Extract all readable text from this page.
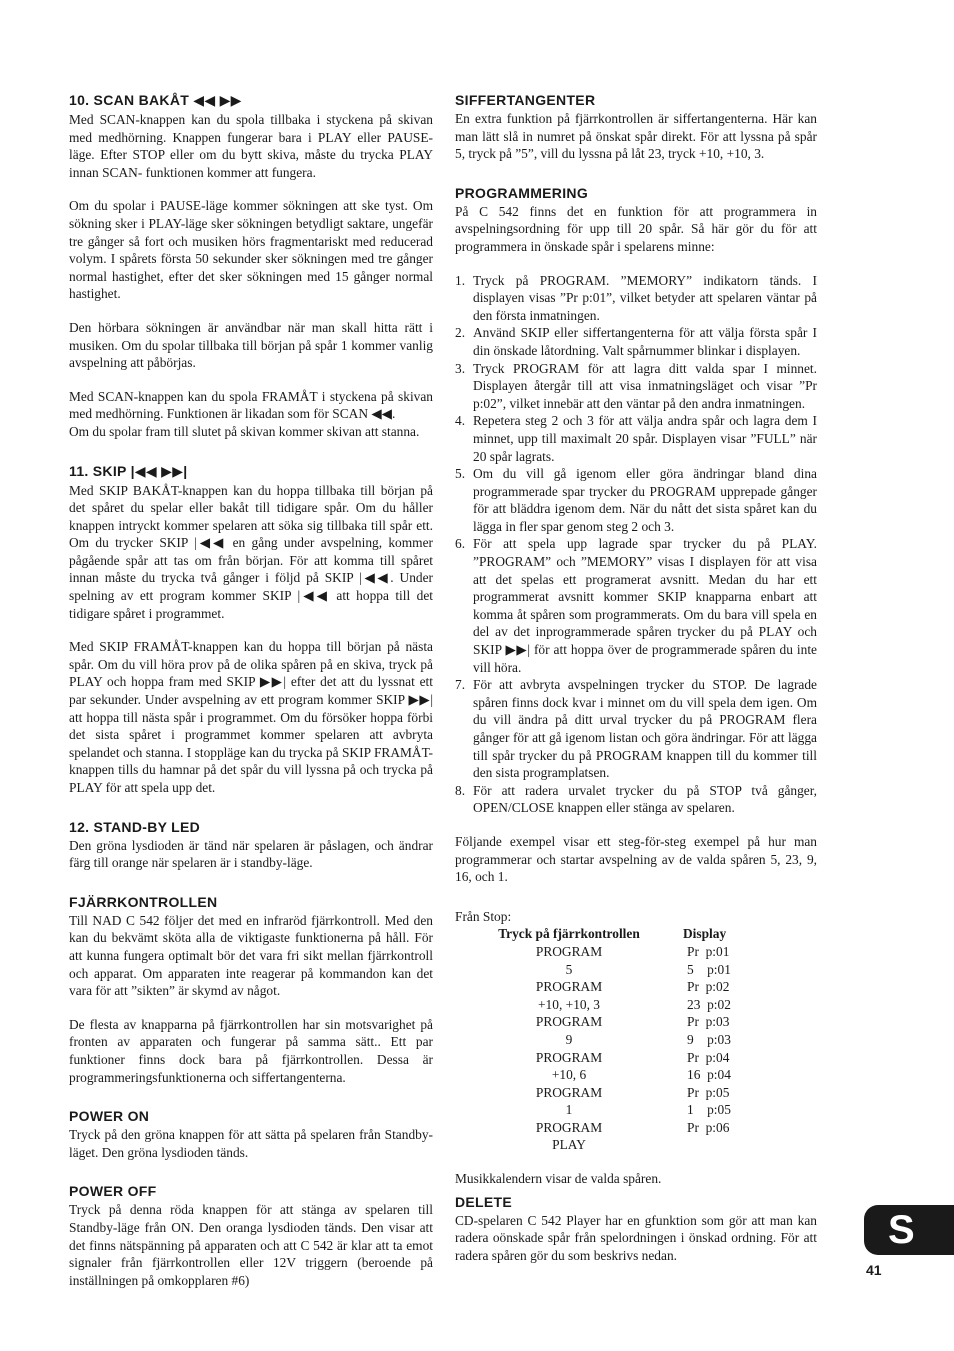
10. SCAN BAKÅT ◀◀ ▶▶

Med SCAN-knappen kan du spola tillbaka i styckena på skivan med medhörning. Knappen fungerar bara i PLAY eller PAUSE-läge. Efter STOP eller om du bytt skiva, måste du trycka PLAY innan SCAN- funktionen kommer att fungera.

Om du spolar i PAUSE-läge kommer sökningen att ske tyst. Om sökning sker i PLAY-läge sker sökningen betydligt saktare, ungefär tre gånger så fort och musiken hörs fragmentariskt med reducerad volym. I spårets första 50 sekunder sker sökningen med tre gånger normal hastighet, efter det sker sökningen med 15 gånger normal hastighet.

Den hörbara sökningen är användbar när man skall hitta rätt i musiken. Om du spolar tillbaka till början på spår 1 kommer vanlig avspelning att påbörjas.

Med SCAN-knappen kan du spola FRAMÅT i styckena på skivan med medhörning. Funktionen är likadan som för SCAN ◀◀.

Om du spolar fram till slutet på skivan kommer skivan att stanna.

11. SKIP |◀◀ ▶▶|

Med SKIP BAKÅT-knappen kan du hoppa tillbaka till början på det spåret du spelar eller bakåt till tidigare spår. Om du håller knappen intryckt kommer spelaren att söka sig tillbaka till spår ett. Om du trycker SKIP |◀◀ en gång under avspelning, kommer pågående spår att tas om från början. För att komma till spåret innan måste du trycka två gånger i följd på SKIP |◀◀. Under spelning av ett program kommer SKIP |◀◀ att hoppa till det tidigare spåret i programmet.

Med SKIP FRAMÅT-knappen kan du hoppa till början på nästa spår. Om du vill höra prov på de olika spåren på en skiva, tryck på PLAY och hoppa fram med SKIP ▶▶| efter det att du lyssnat ett par sekunder. Under avspelning av ett program kommer SKIP ▶▶| att hoppa till nästa spår i programmet. Om du försöker hoppa förbi det sista spåret i programmet kommer spelaren att avbryta spelandet och stanna. I stoppläge kan du trycka på SKIP FRAMÅT-knappen tills du hamnar på det spår du vill lyssna på och trycka på PLAY för att spela upp det.

12. STAND-BY LED

Den gröna lysdioden är tänd när spelaren är påslagen, och ändrar färg till orange när spelaren är i standby-läge.

FJÄRRKONTROLLEN

Till NAD C 542 följer det med en infraröd fjärrkontroll. Med den kan du bekvämt sköta alla de viktigaste funktionerna på håll. För att kunna fungera optimalt bör det vara fri sikt mellan fjärrkontroll och apparat. Om apparaten inte reagerar på kommandon kan det vara för att ”sikten” är skymd av något.

De flesta av knapparna på fjärrkontrollen har sin motsvarighet på fronten av apparaten och fungerar på samma sätt.. Ett par funktioner finns dock bara på fjärrkontrollen. Dessa är programmeringsfunktionerna och siffertangenterna.

POWER ON

Tryck på den gröna knappen för att sätta på spelaren från Standby-läget. Den gröna lysdioden tänds.

POWER OFF

Tryck på denna röda knappen för att stänga av spelaren till Standby-läge från ON. Den oranga lysdioden tänds. Den visar att det finns nätspänning på apparaten och att C 542 är klar att ta emot signaler från fjärrkontrollen eller 12V triggern (beroende på inställningen på omkopplaren #6)

SIFFERTANGENTER

En extra funktion på fjärrkontrollen är siffertangenterna. Här kan man lätt slå in numret på önskat spår direkt. För att lyssna på spår 5, tryck på ”5”, vill du lyssna på låt 23, tryck +10, +10, 3.

PROGRAMMERING

På C 542 finns det en funktion för att programmera in avspelningsordning för upp till 20 spår. Så här gör du för att programmera in önskade spår i spelarens minne:

1. Tryck på PROGRAM. ”MEMORY” indikatorn tänds. I displayen visas ”Pr p:01”, vilket betyder att spelaren väntar på den första inmatningen.
2. Använd SKIP eller siffertangenterna för att välja första spår I din önskade låtordning. Valt spårnummer blinkar i displayen.
3. Tryck PROGRAM för att lagra ditt valda spar I minnet. Displayen återgår till att visa inmatningsläget och visar ”Pr p:02”, vilket innebär att den väntar på den andra inmatningen.
4. Repetera steg 2 och 3 för att välja andra spår och lagra dem I minnet, upp till maximalt 20 spår. Displayen visar ”FULL” när 20 spår lagrats.
5. Om du vill gå igenom eller göra ändringar bland dina programmerade spar trycker du PROGRAM upprepade gånger för att bläddra igenom dem. När du nått det sista spåret kan du lägga in fler spar genom steg 2 och 3.
6. För att spela upp lagrade spar trycker du på PLAY. ”PROGRAM” och ”MEMORY” visas I displayen för att visa att det spelas ett programerat avsnitt. Medan du har ett programmerat avsnitt kommer SKIP knapparna enbart att komma åt spåren som programmerats. Om du bara vill spela en del av det inprogrammerade spåren trycker du på PLAY och SKIP ▶▶| för att hoppa över de programmerade spåren du inte vill höra.
7. För att avbryta avspelningen trycker du STOP. De lagrade spåren finns dock kvar i minnet om du vill spela dem igen. Om du vill ändra på ditt urval trycker du på PROGRAM flera gånger för att gå igenom listan och göra ändringar. För att lägga till spår trycker du på PROGRAM knappen till du kommer till den sista programplatsen.
8. För att radera urvalet trycker du på STOP två gånger, OPEN/CLOSE knappen eller stänga av spelaren.

Följande exempel visar ett steg-för-steg exempel på hur man programmerar och startar avspelning av de valda spåren 5, 23, 9, 16, och 1.

Från Stop:

Tryck på fjärrkontrollen	Display
PROGRAM	Pr  p:01
5	5    p:01
PROGRAM	Pr  p:02
+10, +10, 3	23  p:02
PROGRAM	Pr  p:03
9	9    p:03
PROGRAM	Pr  p:04
+10, 6	16  p:04
PROGRAM	Pr  p:05
1	1    p:05
PROGRAM	Pr  p:06
PLAY	

Musikkalendern visar de valda spåren.

DELETE

CD-spelaren C 542 Player har en gfunktion som gör att man kan radera oönskade spår från spelordningen i önskad ordning. För att radera spåren gör du som beskrivs nedan.

S
41
